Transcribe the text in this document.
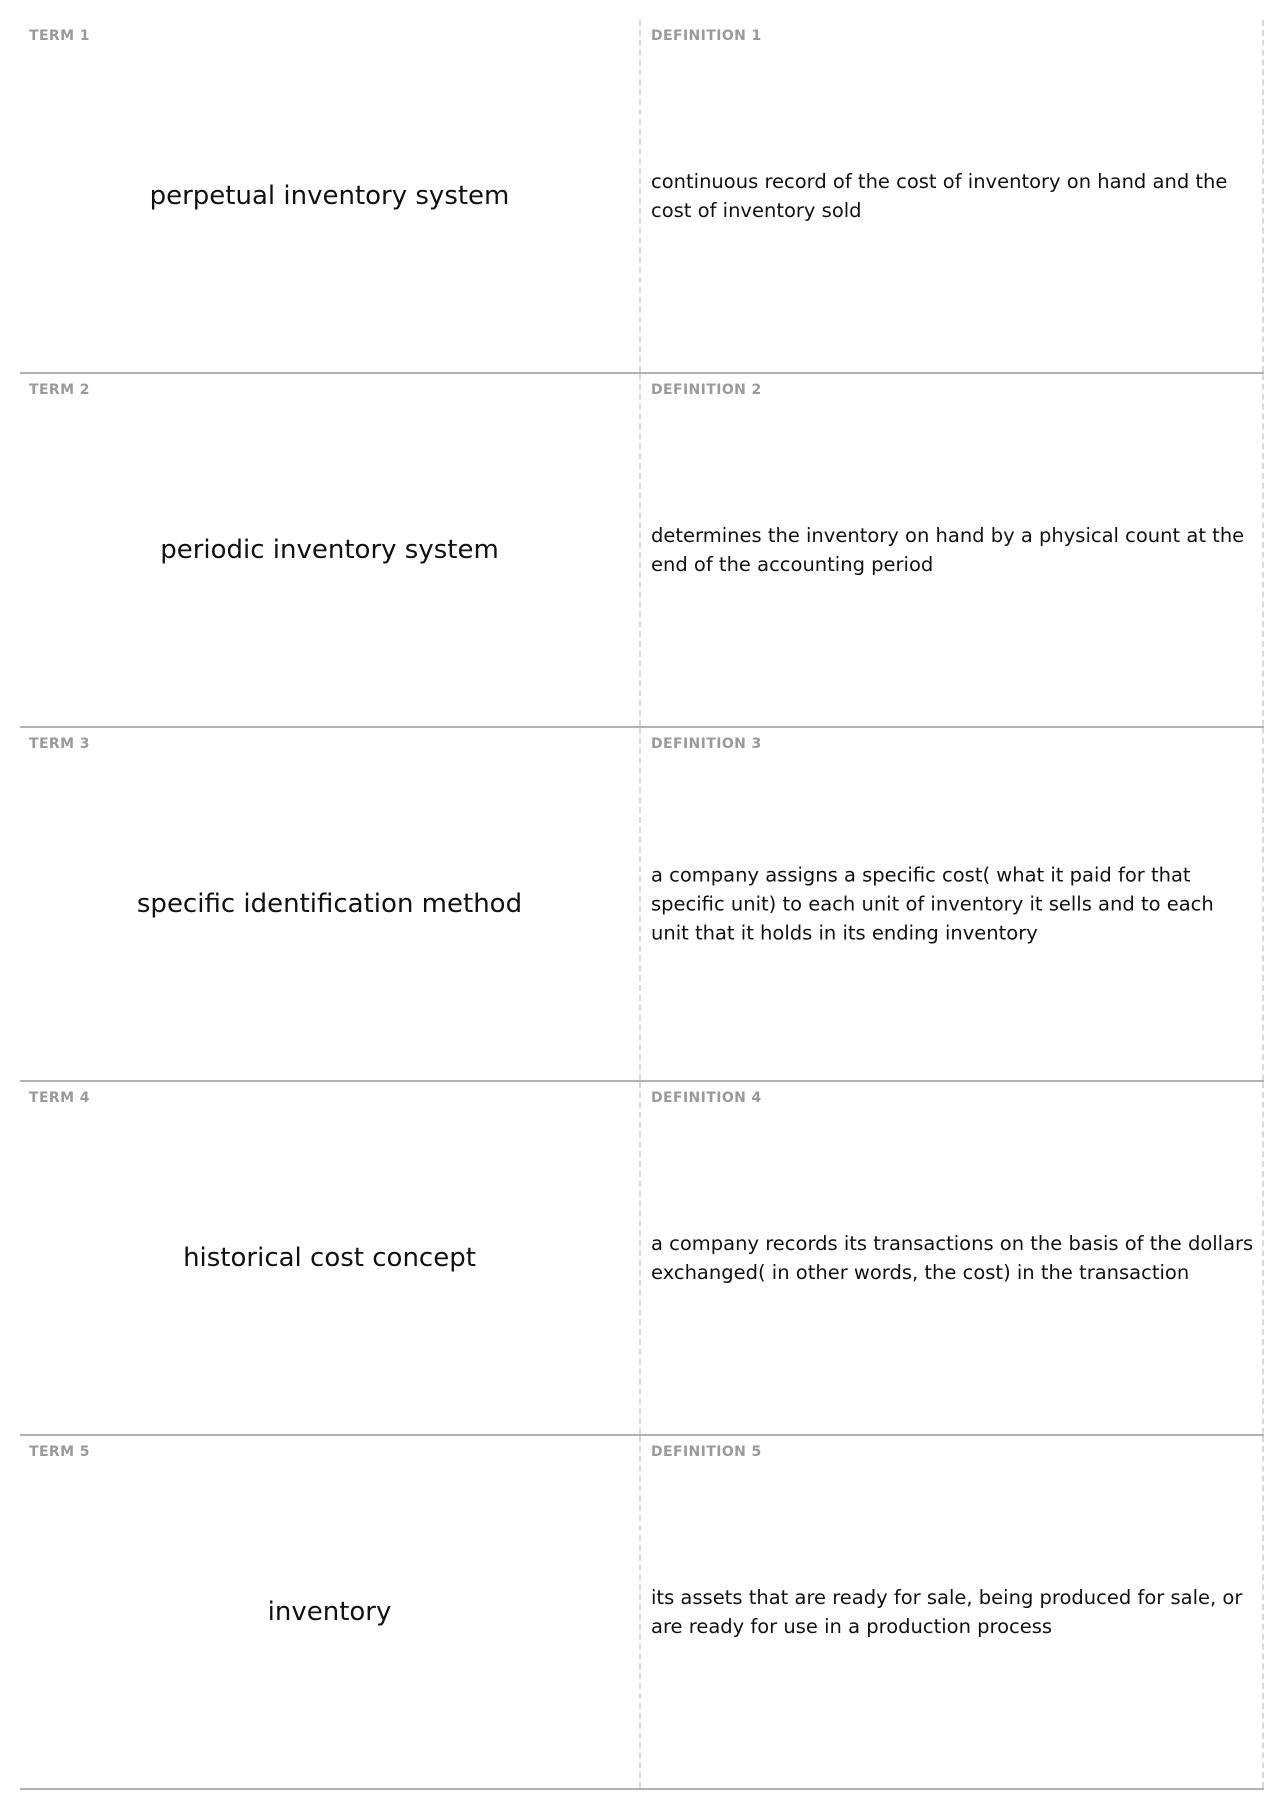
TERM 1
perpetual inventory system
DEFINITION 1
continuous record of the cost of inventory on hand and the cost of inventory sold
TERM 2
periodic inventory system
DEFINITION 2
determines the inventory on hand by a physical count at the end of the accounting period
TERM 3
specific identification method
DEFINITION 3
a company assigns a specific cost( what it paid for that specific unit) to each unit of inventory it sells and to each unit that it holds in its ending inventory
TERM 4
historical cost concept
DEFINITION 4
a company records its transactions on the basis of the dollars exchanged( in other words, the cost) in the transaction
TERM 5
inventory
DEFINITION 5
its assets that are ready for sale, being produced for sale, or are ready for use in a production process
